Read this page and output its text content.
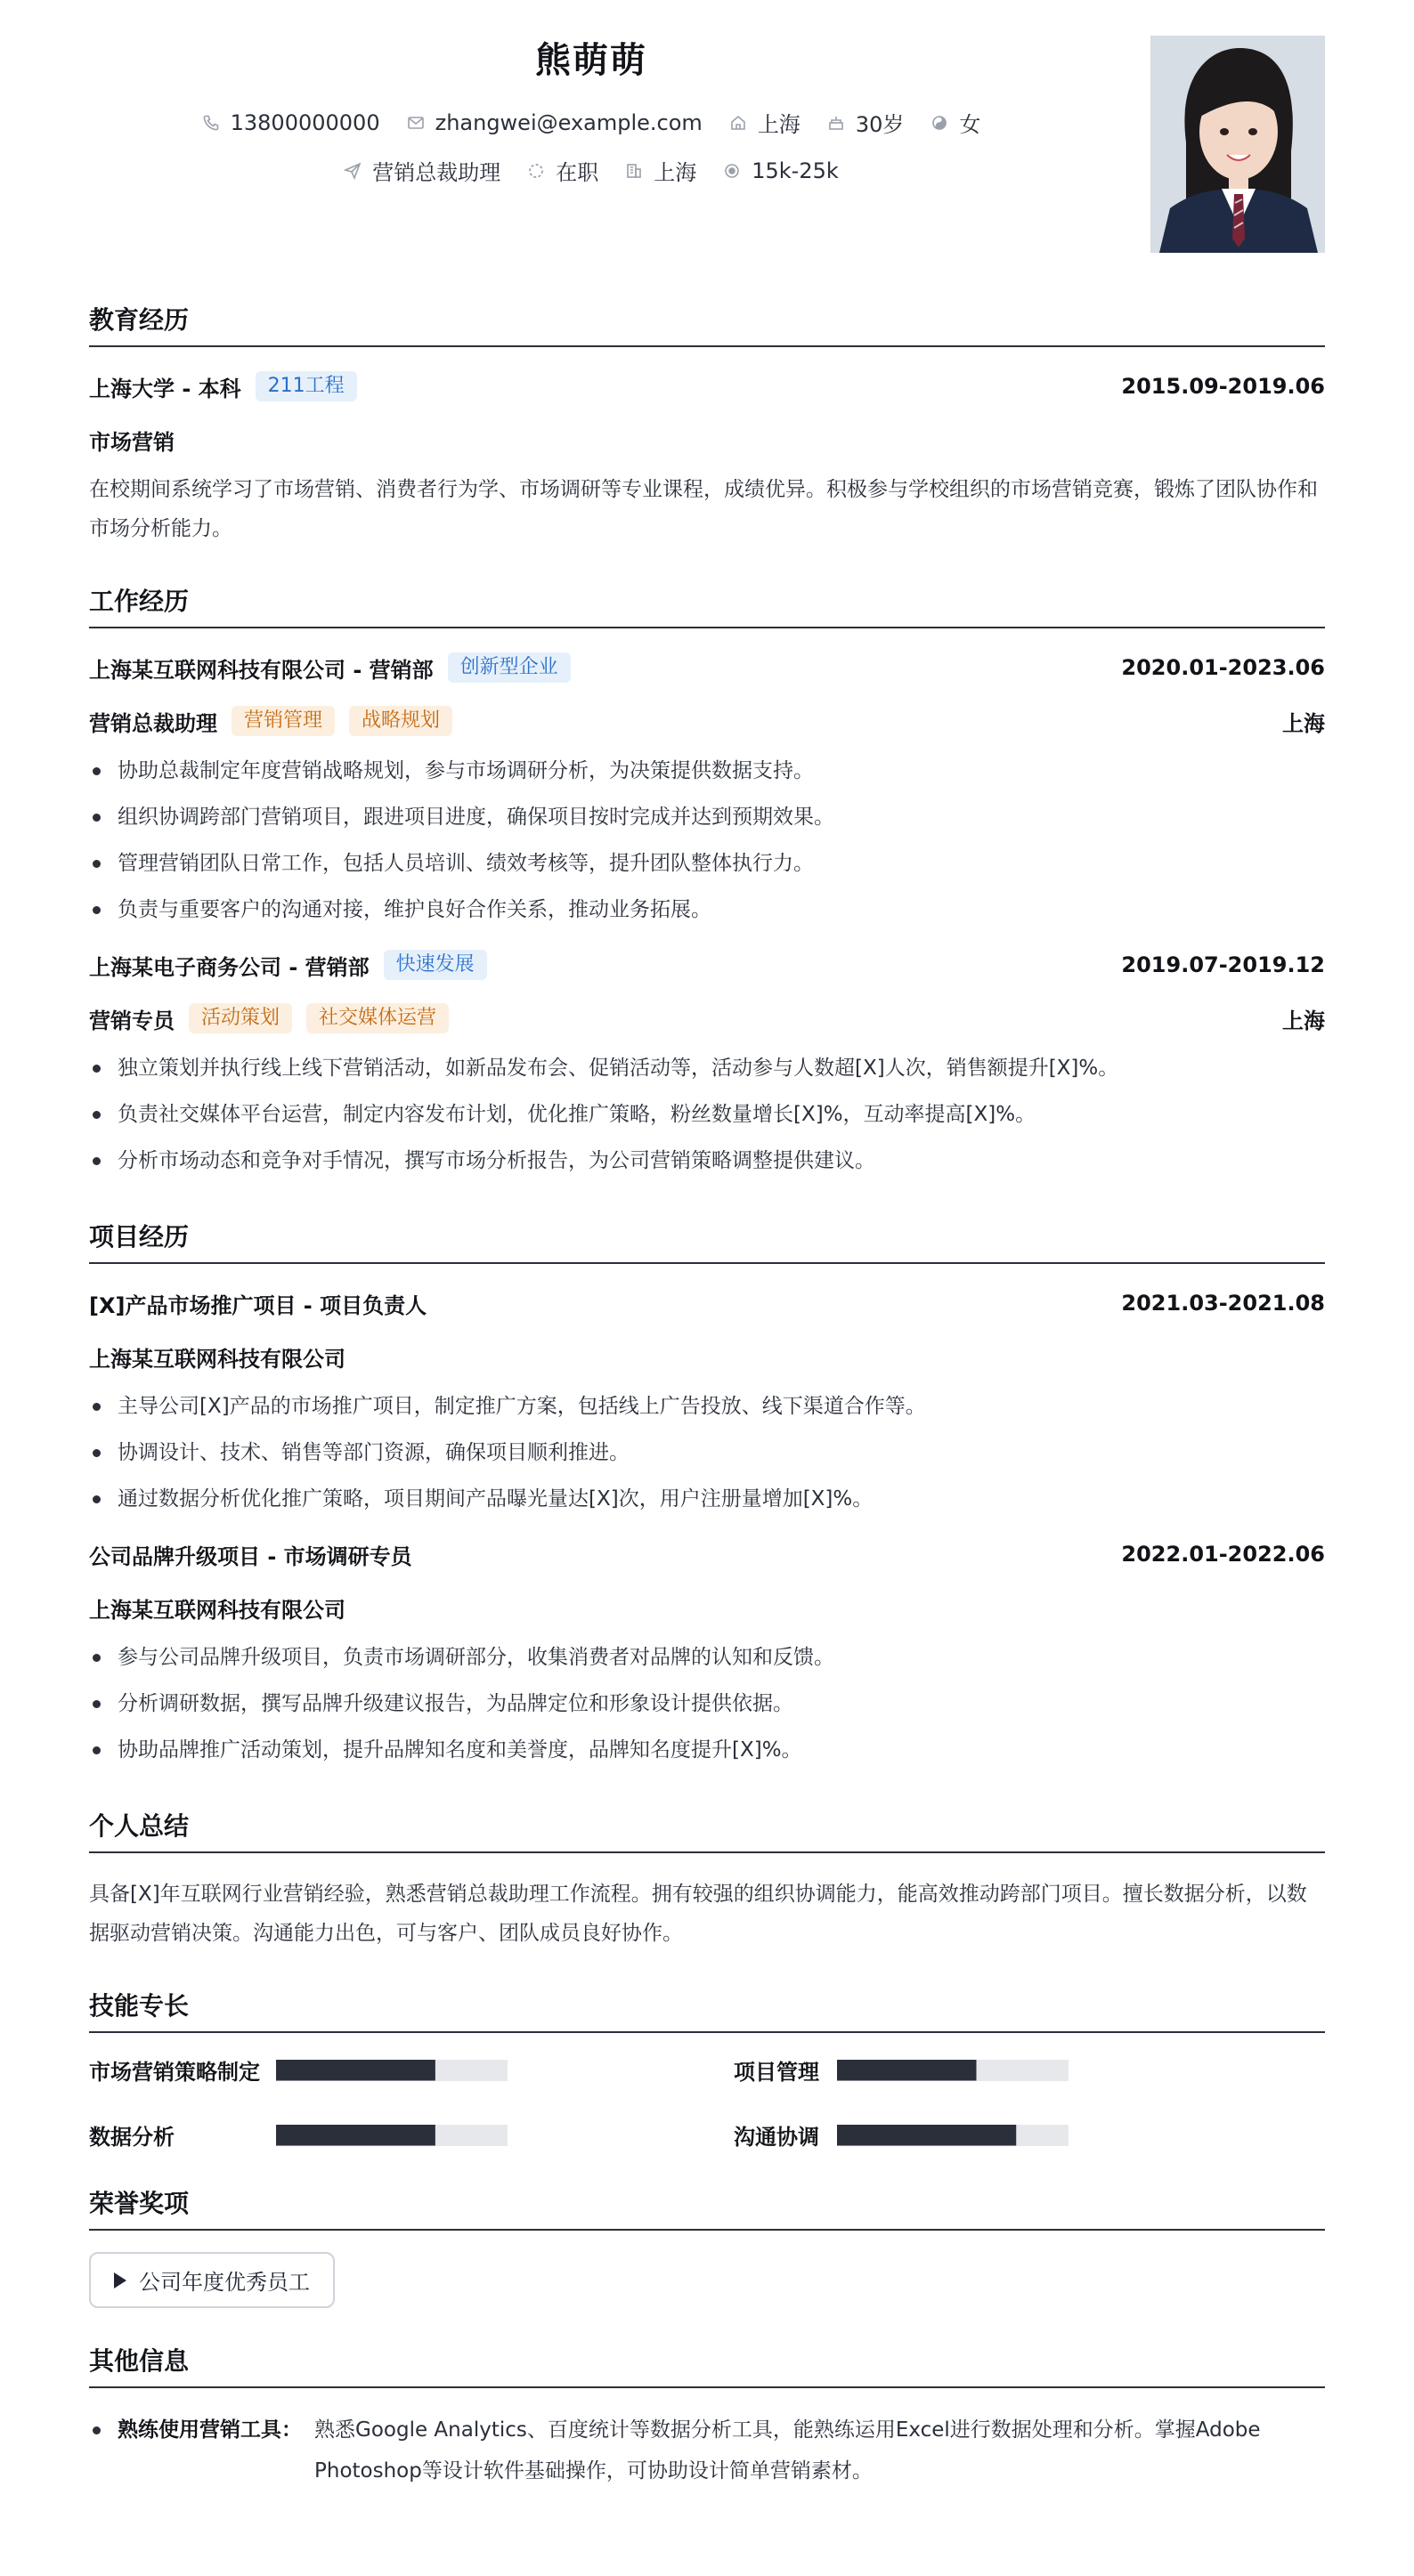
熊萌萌
13800000000	zhangwei@example.com	上海	30岁	女
营销总裁助理	在职	上海	15k-25k
教育经历
上海大学 - 本科	211工程	2015.09-2019.06
市场营销
在校期间系统学习了市场营销、消费者行为学、市场调研等专业课程，成绩优异。积极参与学校组织的市场营销竞赛，锻炼了团队协作和市场分析能力。
工作经历
上海某互联网科技有限公司 - 营销部	创新型企业	2020.01-2023.06
营销总裁助理	营销管理	战略规划	上海
协助总裁制定年度营销战略规划，参与市场调研分析，为决策提供数据支持。
组织协调跨部门营销项目，跟进项目进度，确保项目按时完成并达到预期效果。
管理营销团队日常工作，包括人员培训、绩效考核等，提升团队整体执行力。
负责与重要客户的沟通对接，维护良好合作关系，推动业务拓展。
上海某电子商务公司 - 营销部	快速发展	2019.07-2019.12
营销专员	活动策划	社交媒体运营	上海
独立策划并执行线上线下营销活动，如新品发布会、促销活动等，活动参与人数超[X]人次，销售额提升[X]%。
负责社交媒体平台运营，制定内容发布计划，优化推广策略，粉丝数量增长[X]%，互动率提高[X]%。
分析市场动态和竞争对手情况，撰写市场分析报告，为公司营销策略调整提供建议。
项目经历
[X]产品市场推广项目 - 项目负责人	2021.03-2021.08
上海某互联网科技有限公司
主导公司[X]产品的市场推广项目，制定推广方案，包括线上广告投放、线下渠道合作等。
协调设计、技术、销售等部门资源，确保项目顺利推进。
通过数据分析优化推广策略，项目期间产品曝光量达[X]次，用户注册量增加[X]%。
公司品牌升级项目 - 市场调研专员	2022.01-2022.06
上海某互联网科技有限公司
参与公司品牌升级项目，负责市场调研部分，收集消费者对品牌的认知和反馈。
分析调研数据，撰写品牌升级建议报告，为品牌定位和形象设计提供依据。
协助品牌推广活动策划，提升品牌知名度和美誉度，品牌知名度提升[X]%。
个人总结
具备[X]年互联网行业营销经验，熟悉营销总裁助理工作流程。拥有较强的组织协调能力，能高效推动跨部门项目。擅长数据分析，以数据驱动营销决策。沟通能力出色，可与客户、团队成员良好协作。
技能专长
市场营销策略制定	项目管理
数据分析	沟通协调
荣誉奖项
公司年度优秀员工
其他信息
熟练使用营销工具： 熟悉Google Analytics、百度统计等数据分析工具，能熟练运用Excel进行数据处理和分析。掌握Adobe Photoshop等设计软件基础操作，可协助设计简单营销素材。
